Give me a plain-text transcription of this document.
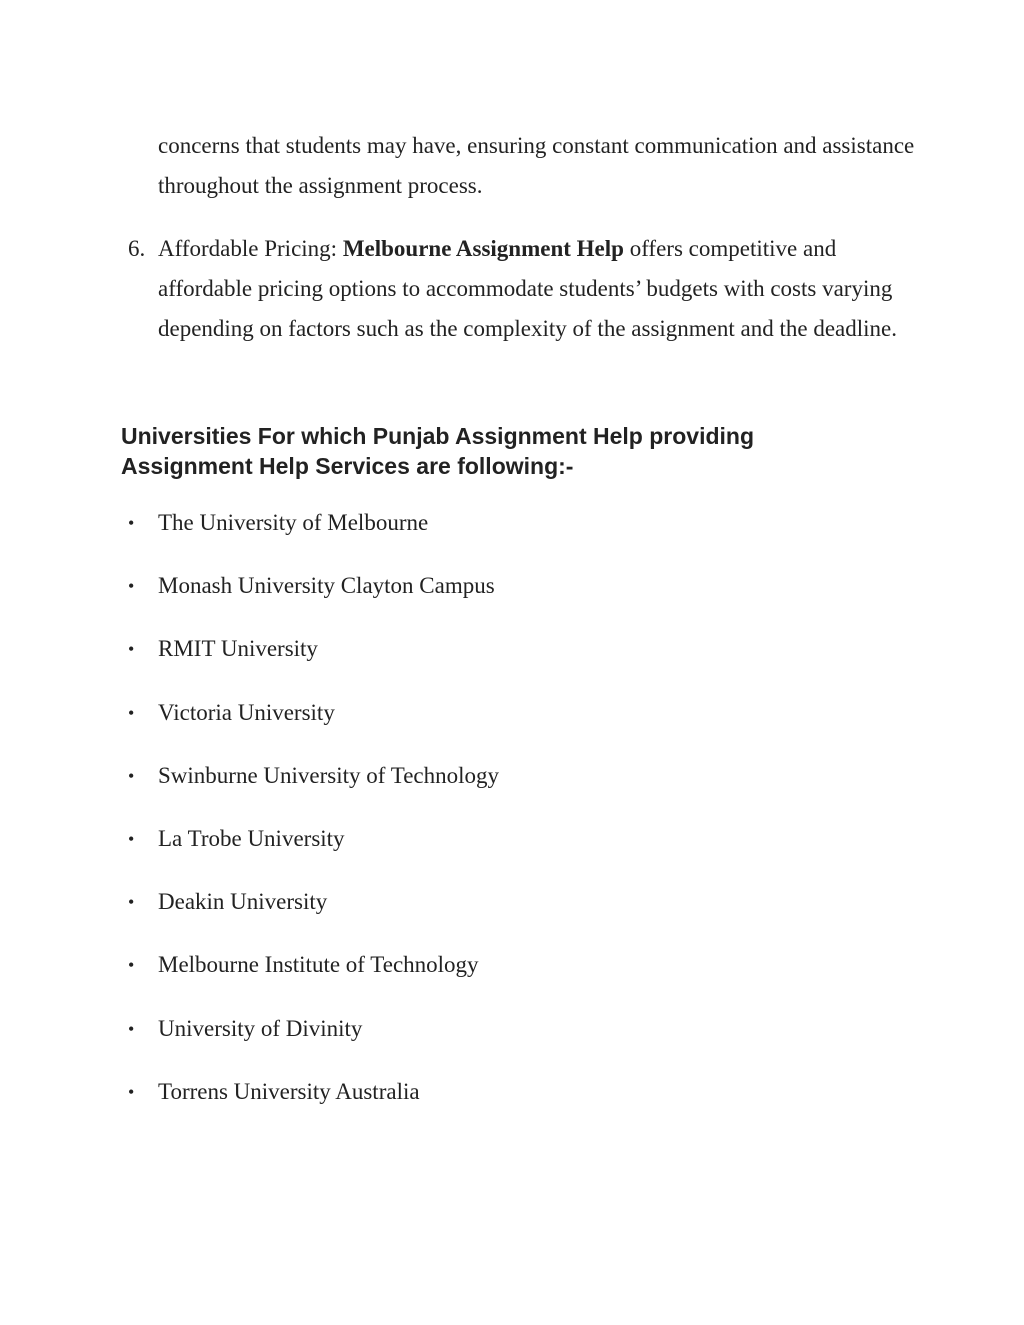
concerns that students may have, ensuring constant communication and assistance throughout the assignment process.

6. Affordable Pricing: Melbourne Assignment Help offers competitive and affordable pricing options to accommodate students’ budgets with costs varying depending on factors such as the complexity of the assignment and the deadline.
Universities For which Punjab Assignment Help providing Assignment Help Services are following:-
• The University of Melbourne
• Monash University Clayton Campus
• RMIT University
• Victoria University
• Swinburne University of Technology
• La Trobe University
• Deakin University
• Melbourne Institute of Technology
• University of Divinity
• Torrens University Australia
